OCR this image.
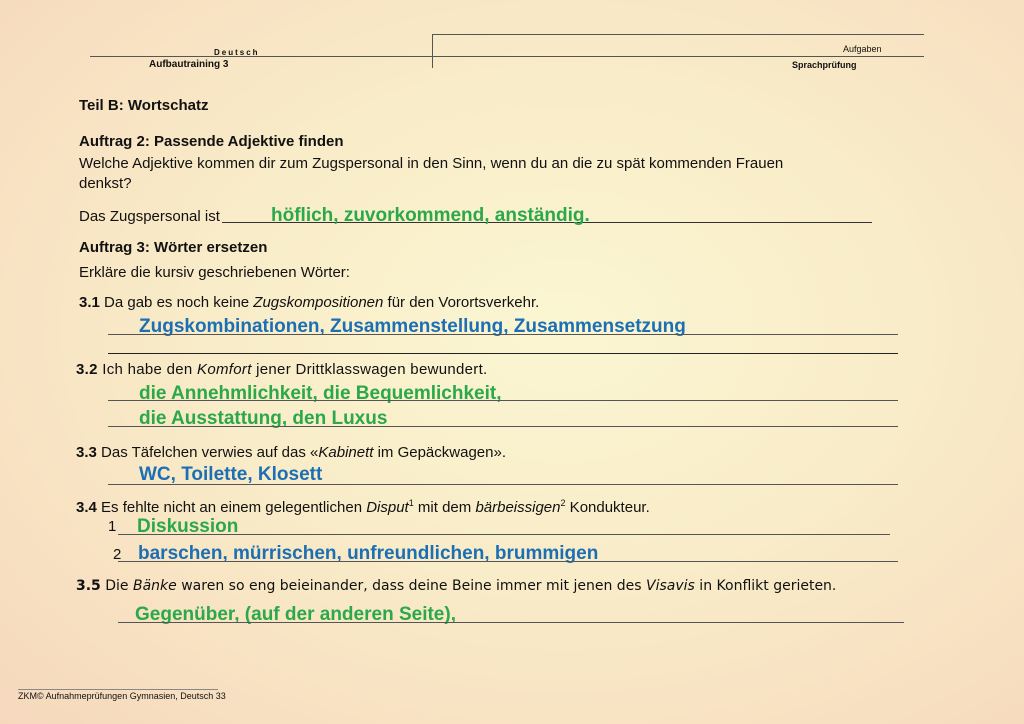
Deutsch
Aufbautraining 3
Aufgaben
Sprachprüfung
Teil B: Wortschatz
Auftrag 2: Passende Adjektive finden
Welche Adjektive kommen dir zum Zugspersonal in den Sinn, wenn du an die zu spät kommenden Frauen
denkst?
Das Zugspersonal ist	höflich, zuvorkommend, anständig.
Auftrag 3: Wörter ersetzen
Erkläre die kursiv geschriebenen Wörter:
3.1 Da gab es noch keine Zugskompositionen für den Vorortsverkehr.
Zugskombinationen, Zusammenstellung, Zusammensetzung
3.2 Ich habe den Komfort jener Drittklasswagen bewundert.
die Annehmlichkeit, die Bequemlichkeit,
die Ausstattung, den Luxus
3.3 Das Täfelchen verwies auf das «Kabinett im Gepäckwagen».
WC, Toilette, Klosett
3.4 Es fehlte nicht an einem gelegentlichen Disput$^1$ mit dem bärbeissigen$^2$ Kondukteur.
1 Diskussion
2 barschen, mürrischen, unfreundlichen, brummigen
3.5 Die Bänke waren so eng beieinander, dass deine Beine immer mit jenen des Visavis in Konflikt gerieten.
Gegenüber, (auf der anderen Seite),
ZKM© Aufnahmeprüfungen Gymnasien, Deutsch 33
